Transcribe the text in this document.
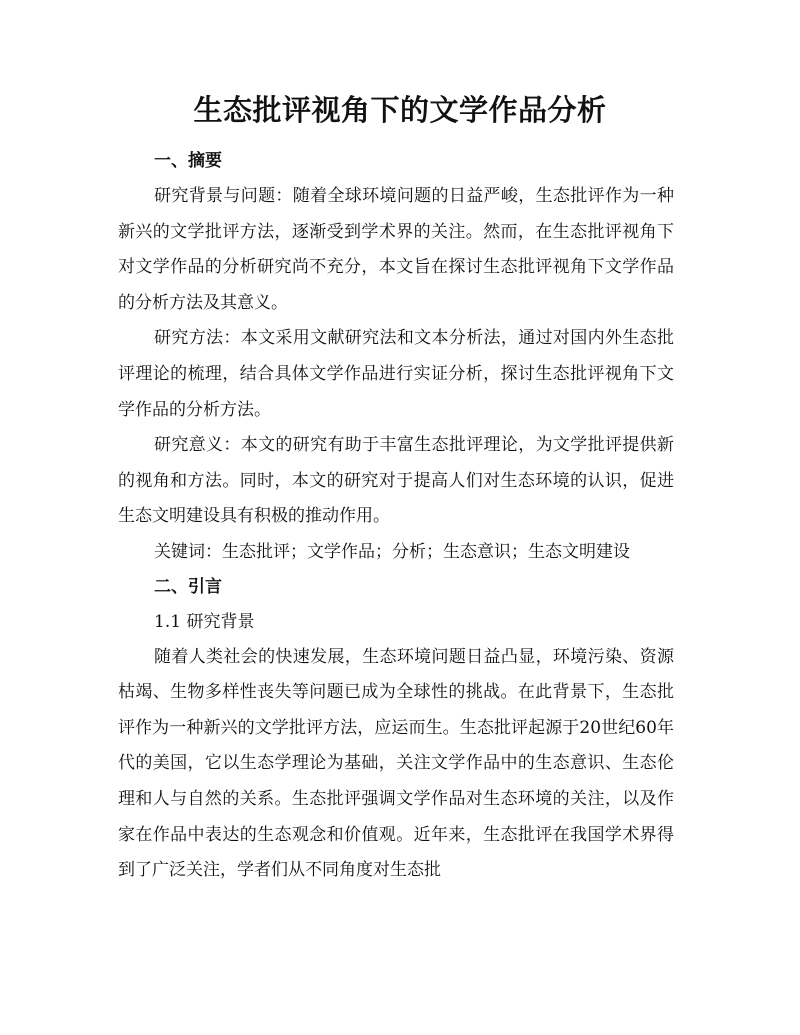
生态批评视角下的文学作品分析
一、摘要

研究背景与问题：随着全球环境问题的日益严峻，生态批评作为一种新兴的文学批评方法，逐渐受到学术界的关注。然而，在生态批评视角下对文学作品的分析研究尚不充分，本文旨在探讨生态批评视角下文学作品的分析方法及其意义。

研究方法：本文采用文献研究法和文本分析法，通过对国内外生态批评理论的梳理，结合具体文学作品进行实证分析，探讨生态批评视角下文学作品的分析方法。

研究意义：本文的研究有助于丰富生态批评理论，为文学批评提供新的视角和方法。同时，本文的研究对于提高人们对生态环境的认识，促进生态文明建设具有积极的推动作用。

关键词：生态批评；文学作品；分析；生态意识；生态文明建设

二、引言

1.1 研究背景

随着人类社会的快速发展，生态环境问题日益凸显，环境污染、资源枯竭、生物多样性丧失等问题已成为全球性的挑战。在此背景下，生态批评作为一种新兴的文学批评方法，应运而生。生态批评起源于20世纪60年代的美国，它以生态学理论为基础，关注文学作品中的生态意识、生态伦理和人与自然的关系。生态批评强调文学作品对生态环境的关注，以及作家在作品中表达的生态观念和价值观。近年来，生态批评在我国学术界得到了广泛关注，学者们从不同角度对生态批
